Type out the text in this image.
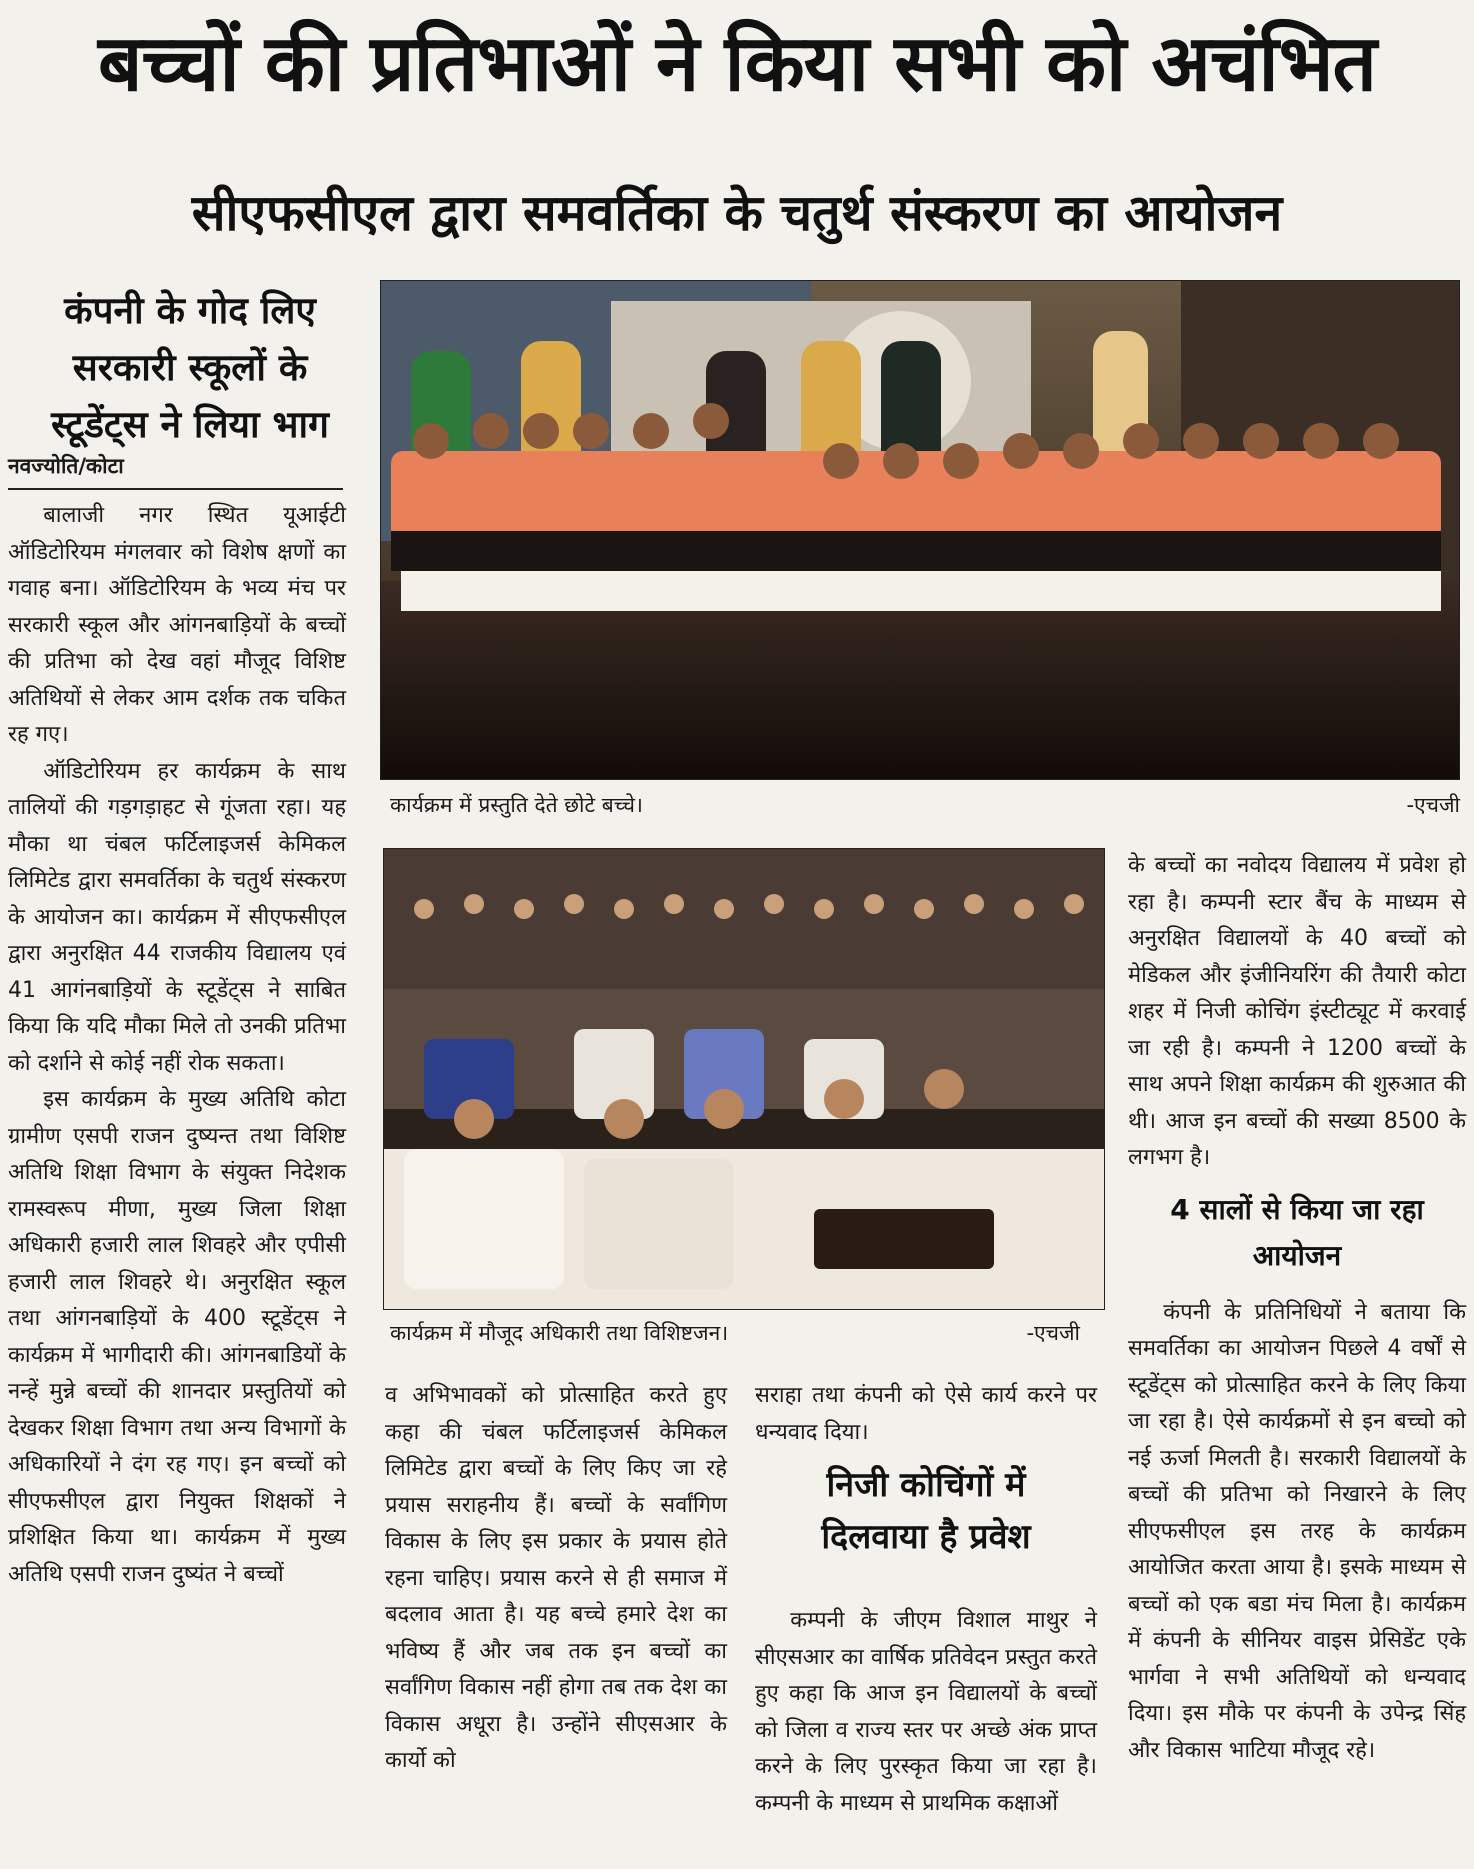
बच्चों की प्रतिभाओं ने किया सभी को अचंभित
सीएफसीएल द्वारा समवर्तिका के चतुर्थ संस्करण का आयोजन
कंपनी के गोद लिए सरकारी स्कूलों के स्टूडेंट्स ने लिया भाग
नवज्योति/कोटा

बालाजी नगर स्थित यूआईटी ऑडिटोरियम मंगलवार को विशेष क्षणों का गवाह बना। ऑडिटोरियम के भव्य मंच पर सरकारी स्कूल और आंगनबाड़ियों के बच्चों की प्रतिभा को देख वहां मौजूद विशिष्ट अतिथियों से लेकर आम दर्शक तक चकित रह गए।

ऑडिटोरियम हर कार्यक्रम के साथ तालियों की गड़गड़ाहट से गूंजता रहा। यह मौका था चंबल फर्टिलाइजर्स केमिकल लिमिटेड द्वारा समवर्तिका के चतुर्थ संस्करण के आयोजन का। कार्यक्रम में सीएफसीएल द्वारा अनुरक्षित 44 राजकीय विद्यालय एवं 41 आगंनबाड़ियों के स्टूडेंट्स ने साबित किया कि यदि मौका मिले तो उनकी प्रतिभा को दर्शाने से कोई नहीं रोक सकता।

इस कार्यक्रम के मुख्य अतिथि कोटा ग्रामीण एसपी राजन दुष्यन्त तथा विशिष्ट अतिथि शिक्षा विभाग के संयुक्त निदेशक रामस्वरूप मीणा, मुख्य जिला शिक्षा अधिकारी हजारी लाल शिवहरे और एपीसी हजारी लाल शिवहरे थे। अनुरक्षित स्कूल तथा आंगनबाड़ियों के 400 स्टूडेंट्स ने कार्यक्रम में भागीदारी की। आंगनबाडियों के नन्हें मुन्ने बच्चों की शानदार प्रस्तुतियों को देखकर शिक्षा विभाग तथा अन्य विभागों के अधिकारियों ने दंग रह गए। इन बच्चों को सीएफसीएल द्वारा नियुक्त शिक्षकों ने प्रशिक्षित किया था। कार्यक्रम में मुख्य अतिथि एसपी राजन दुष्यंत ने बच्चों

कार्यक्रम में प्रस्तुति देते छोटे बच्चे।	-एचजी
कार्यक्रम में मौजूद अधिकारी तथा विशिष्टजन।	-एचजी

व अभिभावकों को प्रोत्साहित करते हुए कहा की चंबल फर्टिलाइजर्स केमिकल लिमिटेड द्वारा बच्चों के लिए किए जा रहे प्रयास सराहनीय हैं। बच्चों के सर्वांगिण विकास के लिए इस प्रकार के प्रयास होते रहना चाहिए। प्रयास करने से ही समाज में बदलाव आता है। यह बच्चे हमारे देश का भविष्य हैं और जब तक इन बच्चों का सर्वांगिण विकास नहीं होगा तब तक देश का विकास अधूरा है। उन्होंने सीएसआर के कार्यो को

सराहा तथा कंपनी को ऐसे कार्य करने पर धन्यवाद दिया।

निजी कोचिंगों में दिलवाया है प्रवेश

कम्पनी के जीएम विशाल माथुर ने सीएसआर का वार्षिक प्रतिवेदन प्रस्तुत करते हुए कहा कि आज इन विद्यालयों के बच्चों को जिला व राज्य स्तर पर अच्छे अंक प्राप्त करने के लिए पुरस्कृत किया जा रहा है। कम्पनी के माध्यम से प्राथमिक कक्षाओं

के बच्चों का नवोदय विद्यालय में प्रवेश हो रहा है। कम्पनी स्टार बैंच के माध्यम से अनुरक्षित विद्यालयों के 40 बच्चों को मेडिकल और इंजीनियरिंग की तैयारी कोटा शहर में निजी कोचिंग इंस्टीट्यूट में करवाई जा रही है। कम्पनी ने 1200 बच्चों के साथ अपने शिक्षा कार्यक्रम की शुरुआत की थी। आज इन बच्चों की सख्या 8500 के लगभग है।

4 सालों से किया जा रहा आयोजन

कंपनी के प्रतिनिधियों ने बताया कि समवर्तिका का आयोजन पिछले 4 वर्षों से स्टूडेंट्स को प्रोत्साहित करने के लिए किया जा रहा है। ऐसे कार्यक्रमों से इन बच्चो को नई ऊर्जा मिलती है। सरकारी विद्यालयों के बच्चों की प्रतिभा को निखारने के लिए सीएफसीएल इस तरह के कार्यक्रम आयोजित करता आया है। इसके माध्यम से बच्चों को एक बडा मंच मिला है। कार्यक्रम में कंपनी के सीनियर वाइस प्रेसिडेंट एके भार्गवा ने सभी अतिथियों को धन्यवाद दिया। इस मौके पर कंपनी के उपेन्द्र सिंह और विकास भाटिया मौजूद रहे।
